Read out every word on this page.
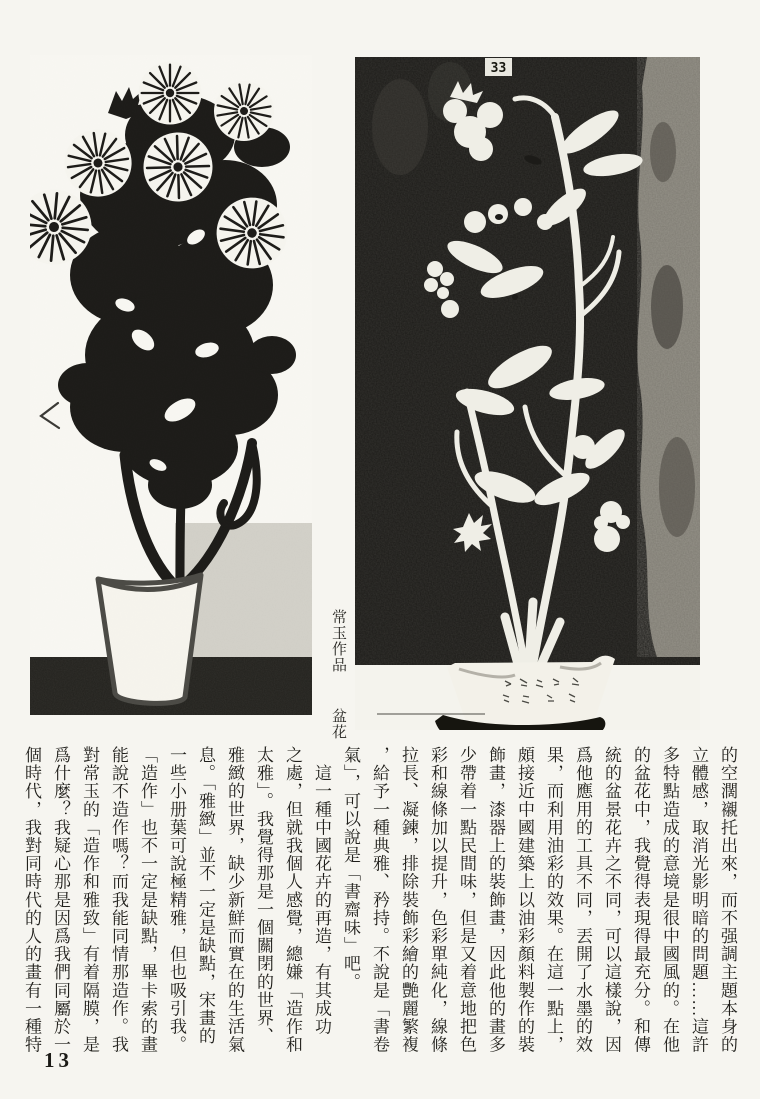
33
常玉作品 盆花
的空濶襯托出來，而不强調主題本身的
立體感，取消光影明暗的問題……這許
多特點造成的意境是很中國風的。在他
的盆花中，我覺得表現得最充分。和傳
統的盆景花卉之不同，可以這樣說，因
爲他應用的工具不同，丟開了水墨的效
果，而利用油彩的效果。在這一點上，
頗接近中國建築上以油彩顏料製作的裝
飾畫，漆器上的裝飾畫，因此他的畫多
少帶着一點民間味，但是又着意地把色
彩和線條加以提升，色彩單純化，線條
拉長、凝鍊，排除裝飾彩繪的艷麗繁複
，給予一種典雅、矜持。不說是「書卷
氣」，可以說是「書齋味」吧。
　這一種中國花卉的再造，有其成功
之處，但就我個人感覺，總嫌「造作和
太雅」。我覺得那是一個關閉的世界、
雅緻的世界，缺少新鮮而實在的生活氣
息。「雅緻」並不一定是缺點，宋畫的
一些小册葉可說極精雅，但也吸引我。
「造作」也不一定是缺點，畢卡索的畫
能說不造作嗎？而我能同情那造作。我
對常玉的「造作和雅致」有着隔膜，是
爲什麼？我疑心那是因爲我們同屬於一
個時代，我對同時代的人的畫有一種特
13
